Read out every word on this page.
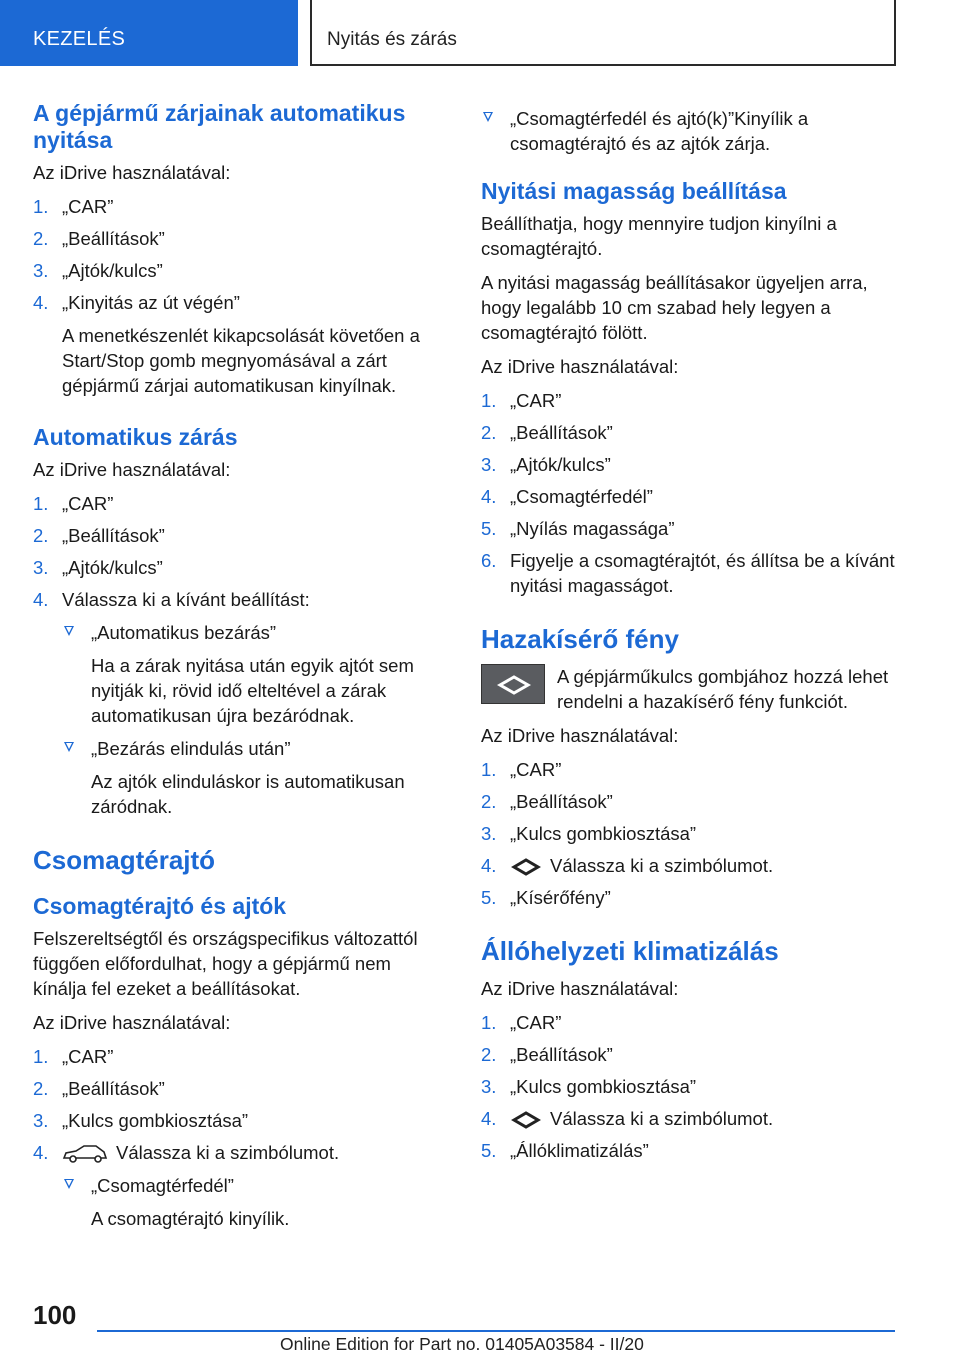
KEZELÉS	Nyitás és zárás
A gépjármű zárjainak automatikus nyitása

Az iDrive használatával:

1. „CAR”
2. „Beállítások”
3. „Ajtók/kulcs”
4. „Kinyitás az út végén”
A menetkészenlét kikapcsolását követően a Start/Stop gomb megnyomásával a zárt gépjármű zárjai automatikusan kinyílnak.
Automatikus zárás

Az iDrive használatával:

1. „CAR”
2. „Beállítások”
3. „Ajtók/kulcs”
4. Válassza ki a kívánt beállítást:
„Automatikus bezárás”
Ha a zárak nyitása után egyik ajtót sem nyitják ki, rövid idő elteltével a zárak automatikusan újra bezáródnak.
„Bezárás elindulás után”
Az ajtók elinduláskor is automatikusan záródnak.
Csomagtérajtó
Csomagtérajtó és ajtók

Felszereltségtől és országspecifikus változattól függően előfordulhat, hogy a gépjármű nem kínálja fel ezeket a beállításokat.

Az iDrive használatával:

1. „CAR”
2. „Beállítások”
3. „Kulcs gombkiosztása”
4.	Válassza ki a szimbólumot.
„Csomagtérfedél”
A csomagtérajtó kinyílik.
„Csomagtérfedél és ajtó(k)”Kinyílik a csomagtérajtó és az ajtók zárja.
Nyitási magasság beállítása

Beállíthatja, hogy mennyire tudjon kinyílni a csomagtérajtó.

A nyitási magasság beállításakor ügyeljen arra, hogy legalább 10 cm szabad hely legyen a csomagtérajtó fölött.

Az iDrive használatával:

1. „CAR”
2. „Beállítások”
3. „Ajtók/kulcs”
4. „Csomagtérfedél”
5. „Nyílás magassága”
6. Figyelje a csomagtérajtót, és állítsa be a kívánt nyitási magasságot.
Hazakísérő fény

A gépjárműkulcs gombjához hozzá lehet rendelni a hazakísérő fény funkciót.

Az iDrive használatával:

1. „CAR”
2. „Beállítások”
3. „Kulcs gombkiosztása”
4.	Válassza ki a szimbólumot.
5. „Kísérőfény”
Állóhelyzeti klimatizálás

Az iDrive használatával:

1. „CAR”
2. „Beállítások”
3. „Kulcs gombkiosztása”
4.	Válassza ki a szimbólumot.
5. „Állóklimatizálás”
100
Online Edition for Part no. 01405A03584 - II/20
